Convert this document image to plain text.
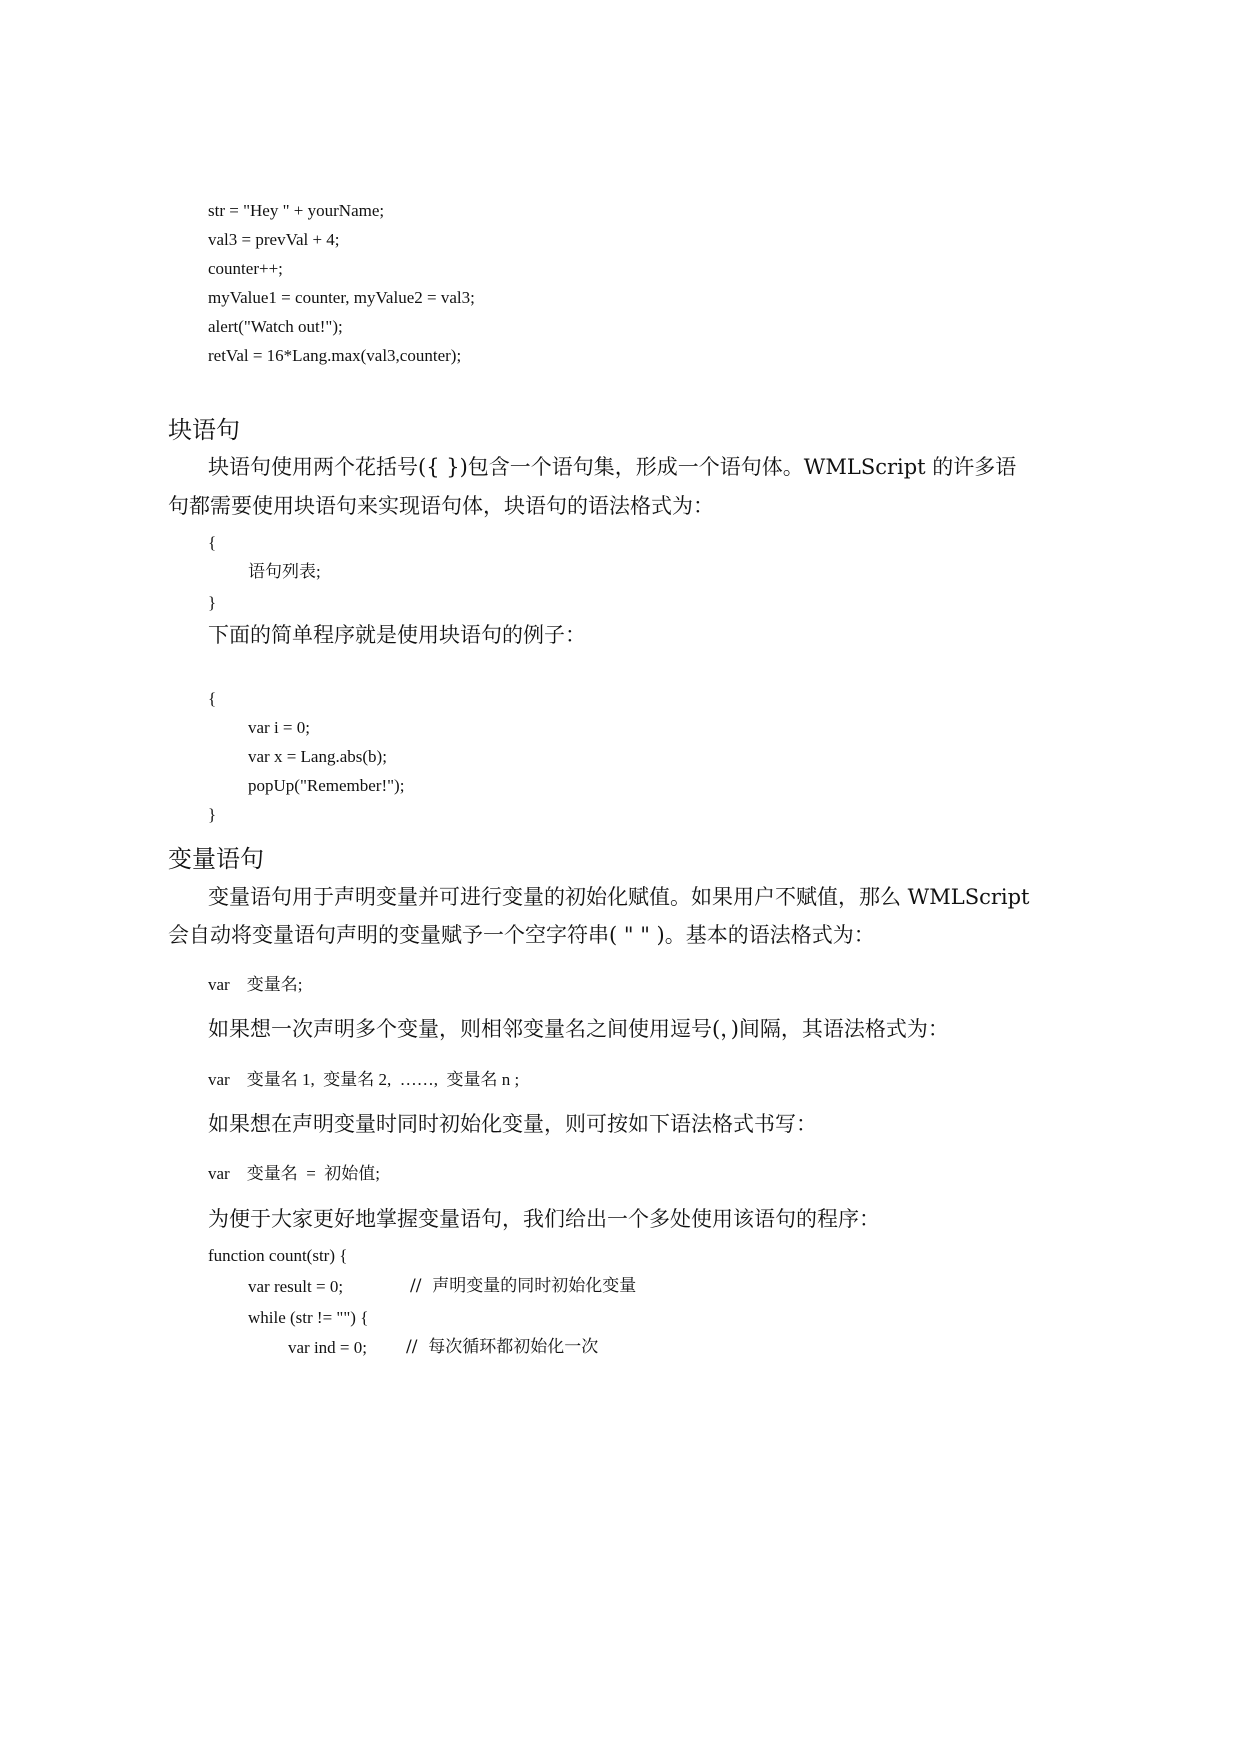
str = "Hey " + yourName;
val3 = prevVal + 4;
counter++;
myValue1 = counter, myValue2 = val3;
alert("Watch out!");
retVal = 16*Lang.max(val3,counter);
块语句
块语句使用两个花括号({ })包含一个语句集，形成一个语句体。WMLScript 的许多语
句都需要使用块语句来实现语句体，块语句的语法格式为：
{
语句列表;
}
下面的简单程序就是使用块语句的例子：
{
var i = 0;
var x = Lang.abs(b);
popUp("Remember!");
}
变量语句
变量语句用于声明变量并可进行变量的初始化赋值。如果用户不赋值，那么 WMLScript
会自动将变量语句声明的变量赋予一个空字符串( " " )。基本的语法格式为：
var    变量名;
如果想一次声明多个变量，则相邻变量名之间使用逗号(，)间隔，其语法格式为：
var    变量名 1,  变量名 2,  ……,  变量名 n ;
如果想在声明变量时同时初始化变量，则可按如下语法格式书写：
var    变量名  =  初始值;
为便于大家更好地掌握变量语句，我们给出一个多处使用该语句的程序：
function count(str) {
var result = 0;	//  声明变量的同时初始化变量
while (str != "") {
var ind = 0; //  每次循环都初始化一次
